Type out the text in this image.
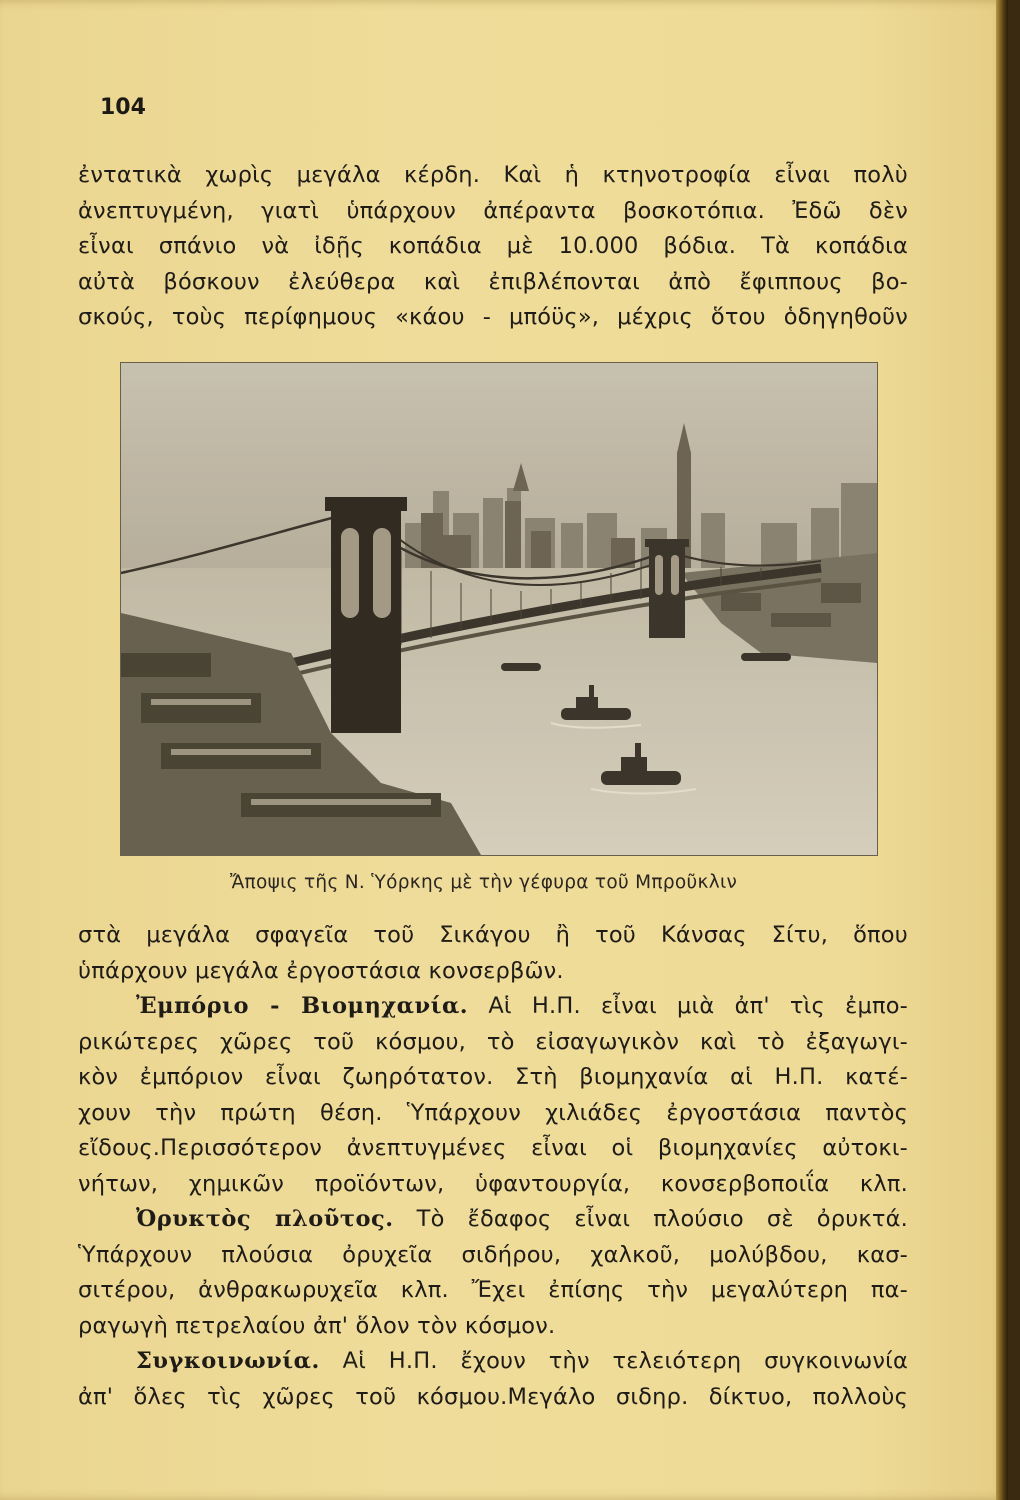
104

ἐντατικὰ χωρὶς μεγάλα κέρδη. Καὶ ἡ κτηνοτροφία εἶναι πολὺ
ἀνεπτυγμένη, γιατὶ ὑπάρχουν ἀπέραντα βοσκοτόπια. Ἐδῶ δὲν
εἶναι σπάνιο νὰ ἰδῇς κοπάδια μὲ 10.000 βόδια. Τὰ κοπάδια
αὐτὰ βόσκουν ἐλεύθερα καὶ ἐπιβλέπονται ἀπὸ ἔφιππους βο-
σκούς, τοὺς περίφημους «κάου - μπόϋς», μέχρις ὅτου ὁδηγηθοῦν

Ἄποψις τῆς Ν. Ὑόρκης μὲ τὴν γέφυρα τοῦ Μπροῦκλιν

στὰ μεγάλα σφαγεῖα τοῦ Σικάγου ἢ τοῦ Κάνσας Σίτυ, ὅπου
ὑπάρχουν μεγάλα ἐργοστάσια κονσερβῶν.
Ἐμπόριο - Βιομηχανία. Αἱ Η.Π. εἶναι μιὰ ἀπ' τὶς ἐμπο-
ρικώτερες χῶρες τοῦ κόσμου, τὸ εἰσαγωγικὸν καὶ τὸ ἐξαγωγι-
κὸν ἐμπόριον εἶναι ζωηρότατον. Στὴ βιομηχανία αἱ Η.Π. κατέ-
χουν τὴν πρώτη θέση. Ὑπάρχουν χιλιάδες ἐργοστάσια παντὸς
εἴδους.Περισσότερον ἀνεπτυγμένες εἶναι οἱ βιομηχανίες αὐτοκι-
νήτων, χημικῶν προϊόντων, ὑφαντουργία, κονσερβοποιΐα κλπ.
Ὀρυκτὸς πλοῦτος. Τὸ ἔδαφος εἶναι πλούσιο σὲ ὀρυκτά.
Ὑπάρχουν πλούσια ὀρυχεῖα σιδήρου, χαλκοῦ, μολύβδου, κασ-
σιτέρου, ἀνθρακωρυχεῖα κλπ. Ἔχει ἐπίσης τὴν μεγαλύτερη πα-
ραγωγὴ πετρελαίου ἀπ' ὅλον τὸν κόσμον.
Συγκοινωνία. Αἱ Η.Π. ἔχουν τὴν τελειότερη συγκοινωνία
ἀπ' ὅλες τὶς χῶρες τοῦ κόσμου.Μεγάλο σιδηρ. δίκτυο, πολλοὺς
